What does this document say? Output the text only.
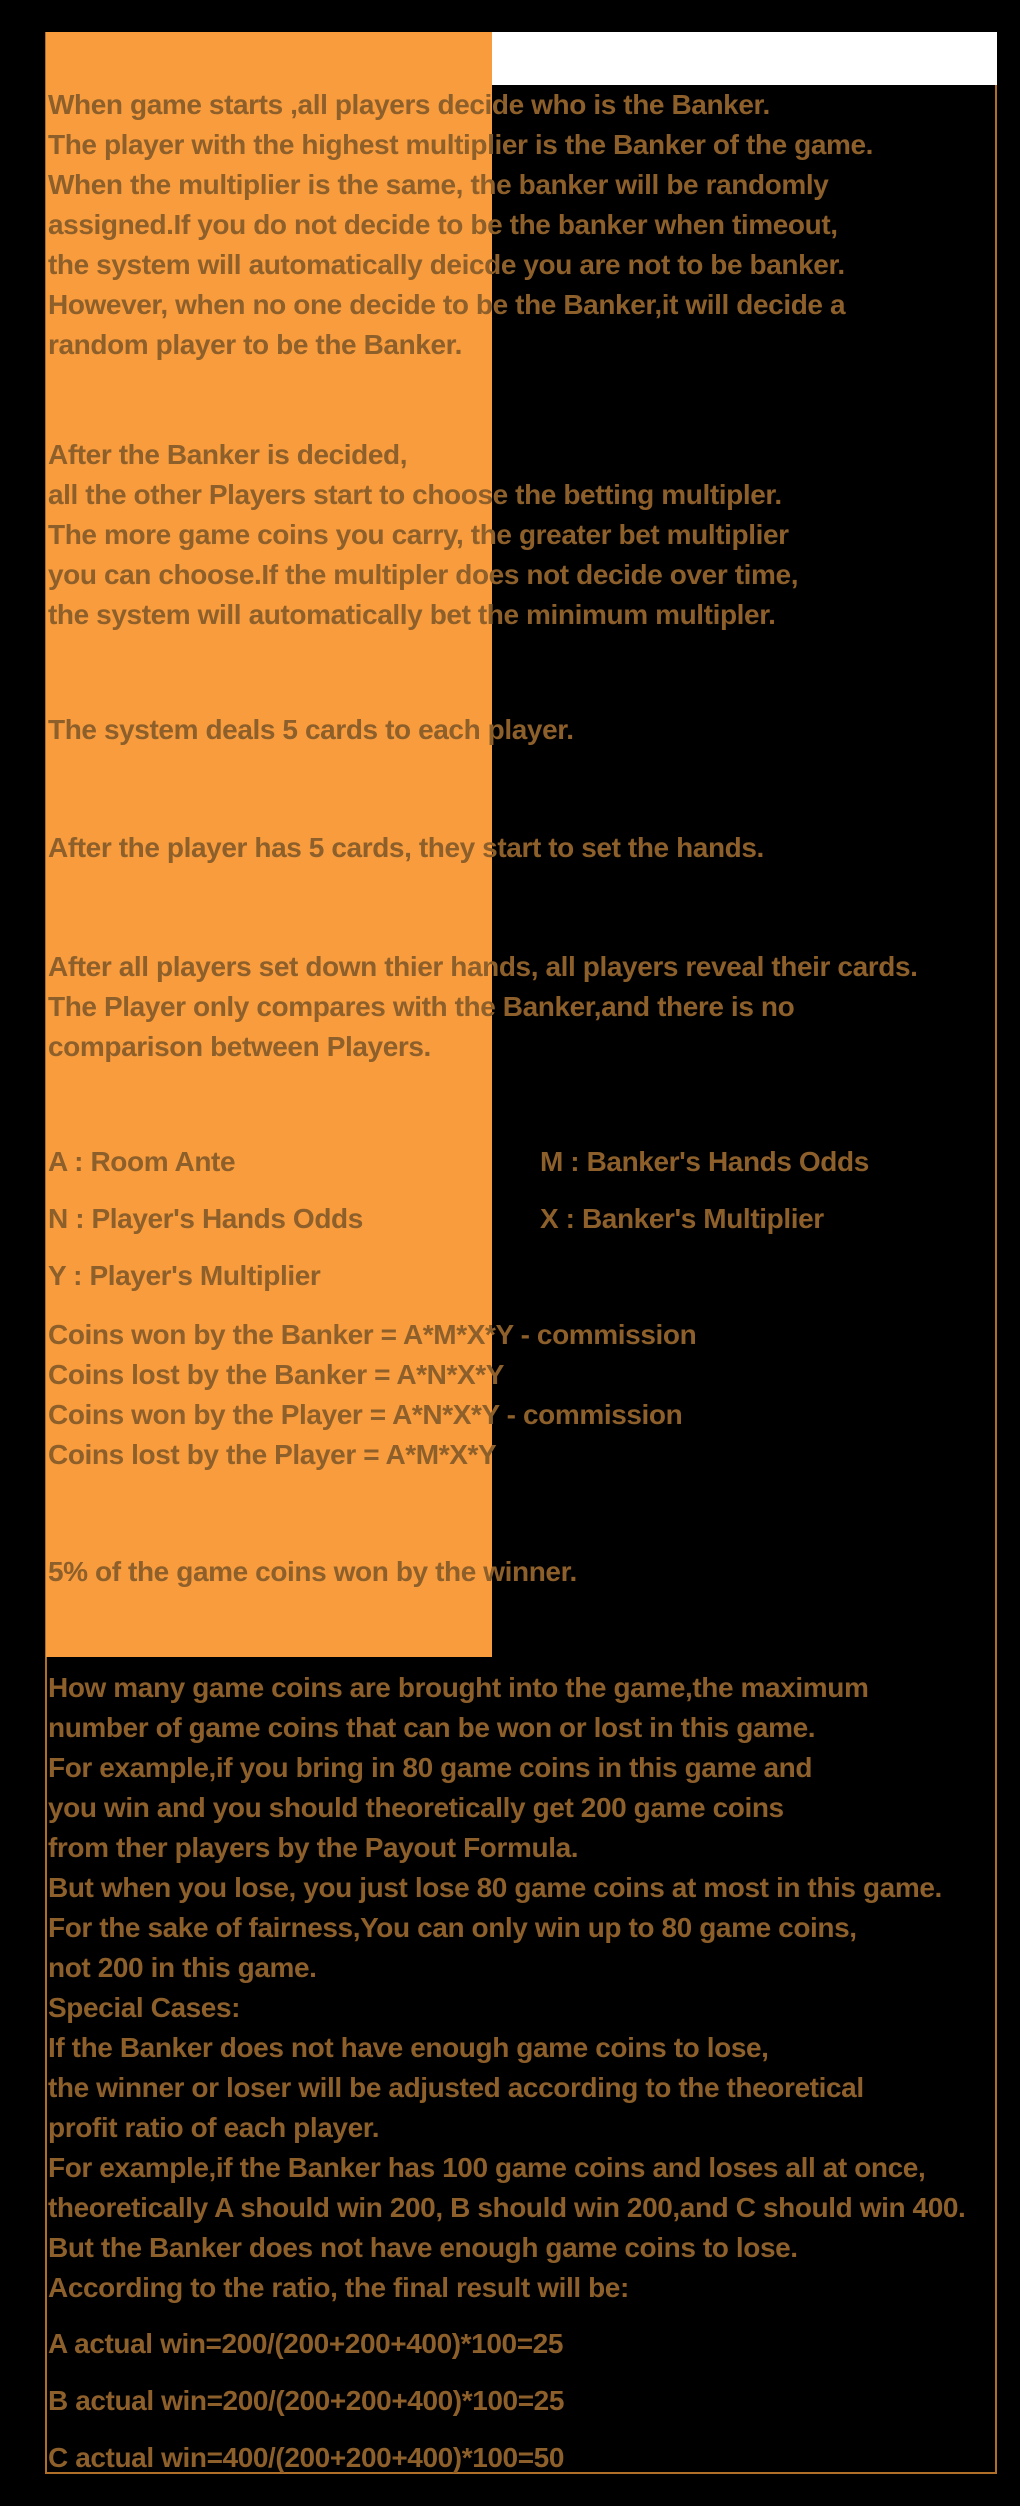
When game starts ,all players decide who is the Banker.
The player with the highest multiplier is the Banker of the game.
When the multiplier is the same, the banker will be randomly
assigned.If you do not decide to be the banker when timeout,
the system will automatically deicde you are not to be banker.
However, when no one decide to be the Banker,it will decide a
random player to be the Banker.
After the Banker is decided,
all the other Players start to choose the betting multipler.
The more game coins you carry, the greater bet multiplier
you can choose.If the multipler does not decide over time,
the system will automatically bet the minimum multipler.
The system deals 5 cards to each player.
After the player has 5 cards, they start to set the hands.
After all players set down thier hands, all players reveal their cards.
The Player only compares with the Banker,and there is no
comparison between Players.
A : Room Ante	M : Banker's Hands Odds
N : Player's Hands Odds	X : Banker's Multiplier
Y : Player's Multiplier
Coins won by the Banker = A*M*X*Y - commission
Coins lost by the Banker = A*N*X*Y
Coins won by the Player = A*N*X*Y - commission
Coins lost by the Player = A*M*X*Y
5% of the game coins won by the winner.
How many game coins are brought into the game,the maximum
number of game coins that can be won or lost in this game.
For example,if you bring in 80 game coins in this game and
you win and you should theoretically get 200 game coins
from ther players by the Payout Formula.
But when you lose, you just lose 80 game coins at most in this game.
For the sake of fairness,You can only win up to 80 game coins,
not 200 in this game.
Special Cases:
If the Banker does not have enough game coins to lose,
the winner or loser will be adjusted according to the theoretical
profit ratio of each player.
For example,if the Banker has 100 game coins and loses all at once,
theoretically A should win 200, B should win 200,and C should win 400.
But the Banker does not have enough game coins to lose.
According to the ratio, the final result will be:
A actual win=200/(200+200+400)*100=25
B actual win=200/(200+200+400)*100=25
C actual win=400/(200+200+400)*100=50
